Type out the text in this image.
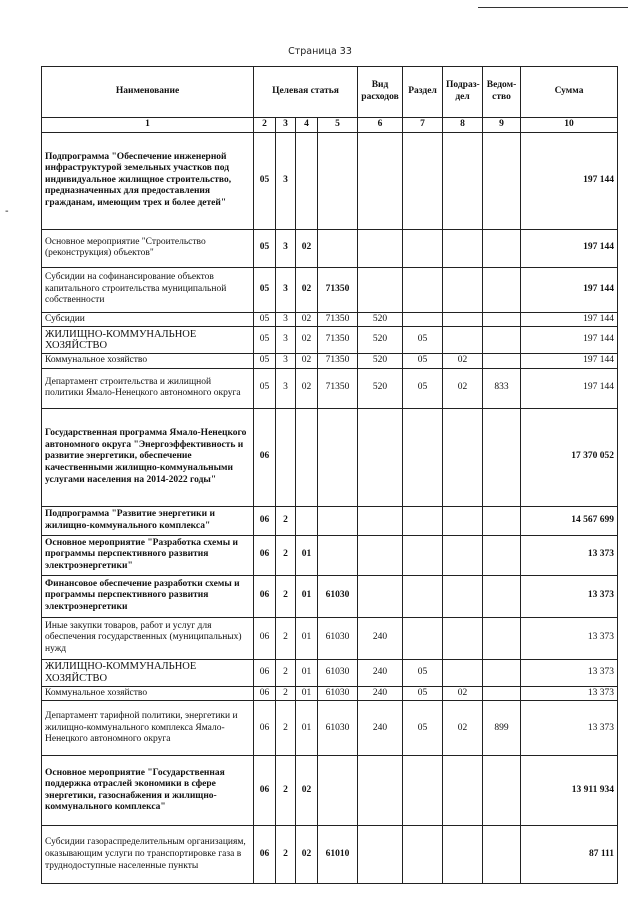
-
Страница 33
Наименование	Целевая статья				Вид расходов	Раздел	Подраз-дел	Ведом-ство	Сумма
1	2	3	4	5	6	7	8	9	10
Подпрограмма "Обеспечение инженерной инфраструктурой земельных участков под индивидуальное жилищное строительство, предназначенных для предоставления гражданам, имеющим трех и более детей"	05	3							197 144
Основное мероприятие "Строительство (реконструкция) объектов"	05	3	02						197 144
Субсидии на софинансирование объектов капитального строительства муниципальной собственности	05	3	02	71350					197 144
Субсидии	05	3	02	71350	520				197 144
ЖИЛИЩНО-КОММУНАЛЬНОЕ ХОЗЯЙСТВО	05	3	02	71350	520	05			197 144
Коммунальное хозяйство	05	3	02	71350	520	05	02		197 144
Департамент строительства и жилищной политики Ямало-Ненецкого автономного округа	05	3	02	71350	520	05	02	833	197 144
Государственная программа Ямало-Ненецкого автономного округа "Энергоэффективность и развитие энергетики, обеспечение качественными жилищно-коммунальными услугами населения на 2014-2022 годы"	06								17 370 052
Подпрограмма "Развитие энергетики и жилищно-коммунального комплекса"	06	2							14 567 699
Основное мероприятие "Разработка схемы и программы перспективного развития электроэнергетики"	06	2	01						13 373
Финансовое обеспечение разработки схемы и программы перспективного развития электроэнергетики	06	2	01	61030					13 373
Иные закупки товаров, работ и услуг для обеспечения государственных (муниципальных) нужд	06	2	01	61030	240				13 373
ЖИЛИЩНО-КОММУНАЛЬНОЕ ХОЗЯЙСТВО	06	2	01	61030	240	05			13 373
Коммунальное хозяйство	06	2	01	61030	240	05	02		13 373
Департамент тарифной политики, энергетики и жилищно-коммунального комплекса Ямало-Ненецкого автономного округа	06	2	01	61030	240	05	02	899	13 373
Основное мероприятие "Государственная поддержка отраслей экономики в сфере энергетики, газоснабжения и жилищно-коммунального комплекса"	06	2	02						13 911 934
Субсидии газораспределительным организациям, оказывающим услуги по транспортировке газа в труднодоступные населенные пункты	06	2	02	61010					87 111
